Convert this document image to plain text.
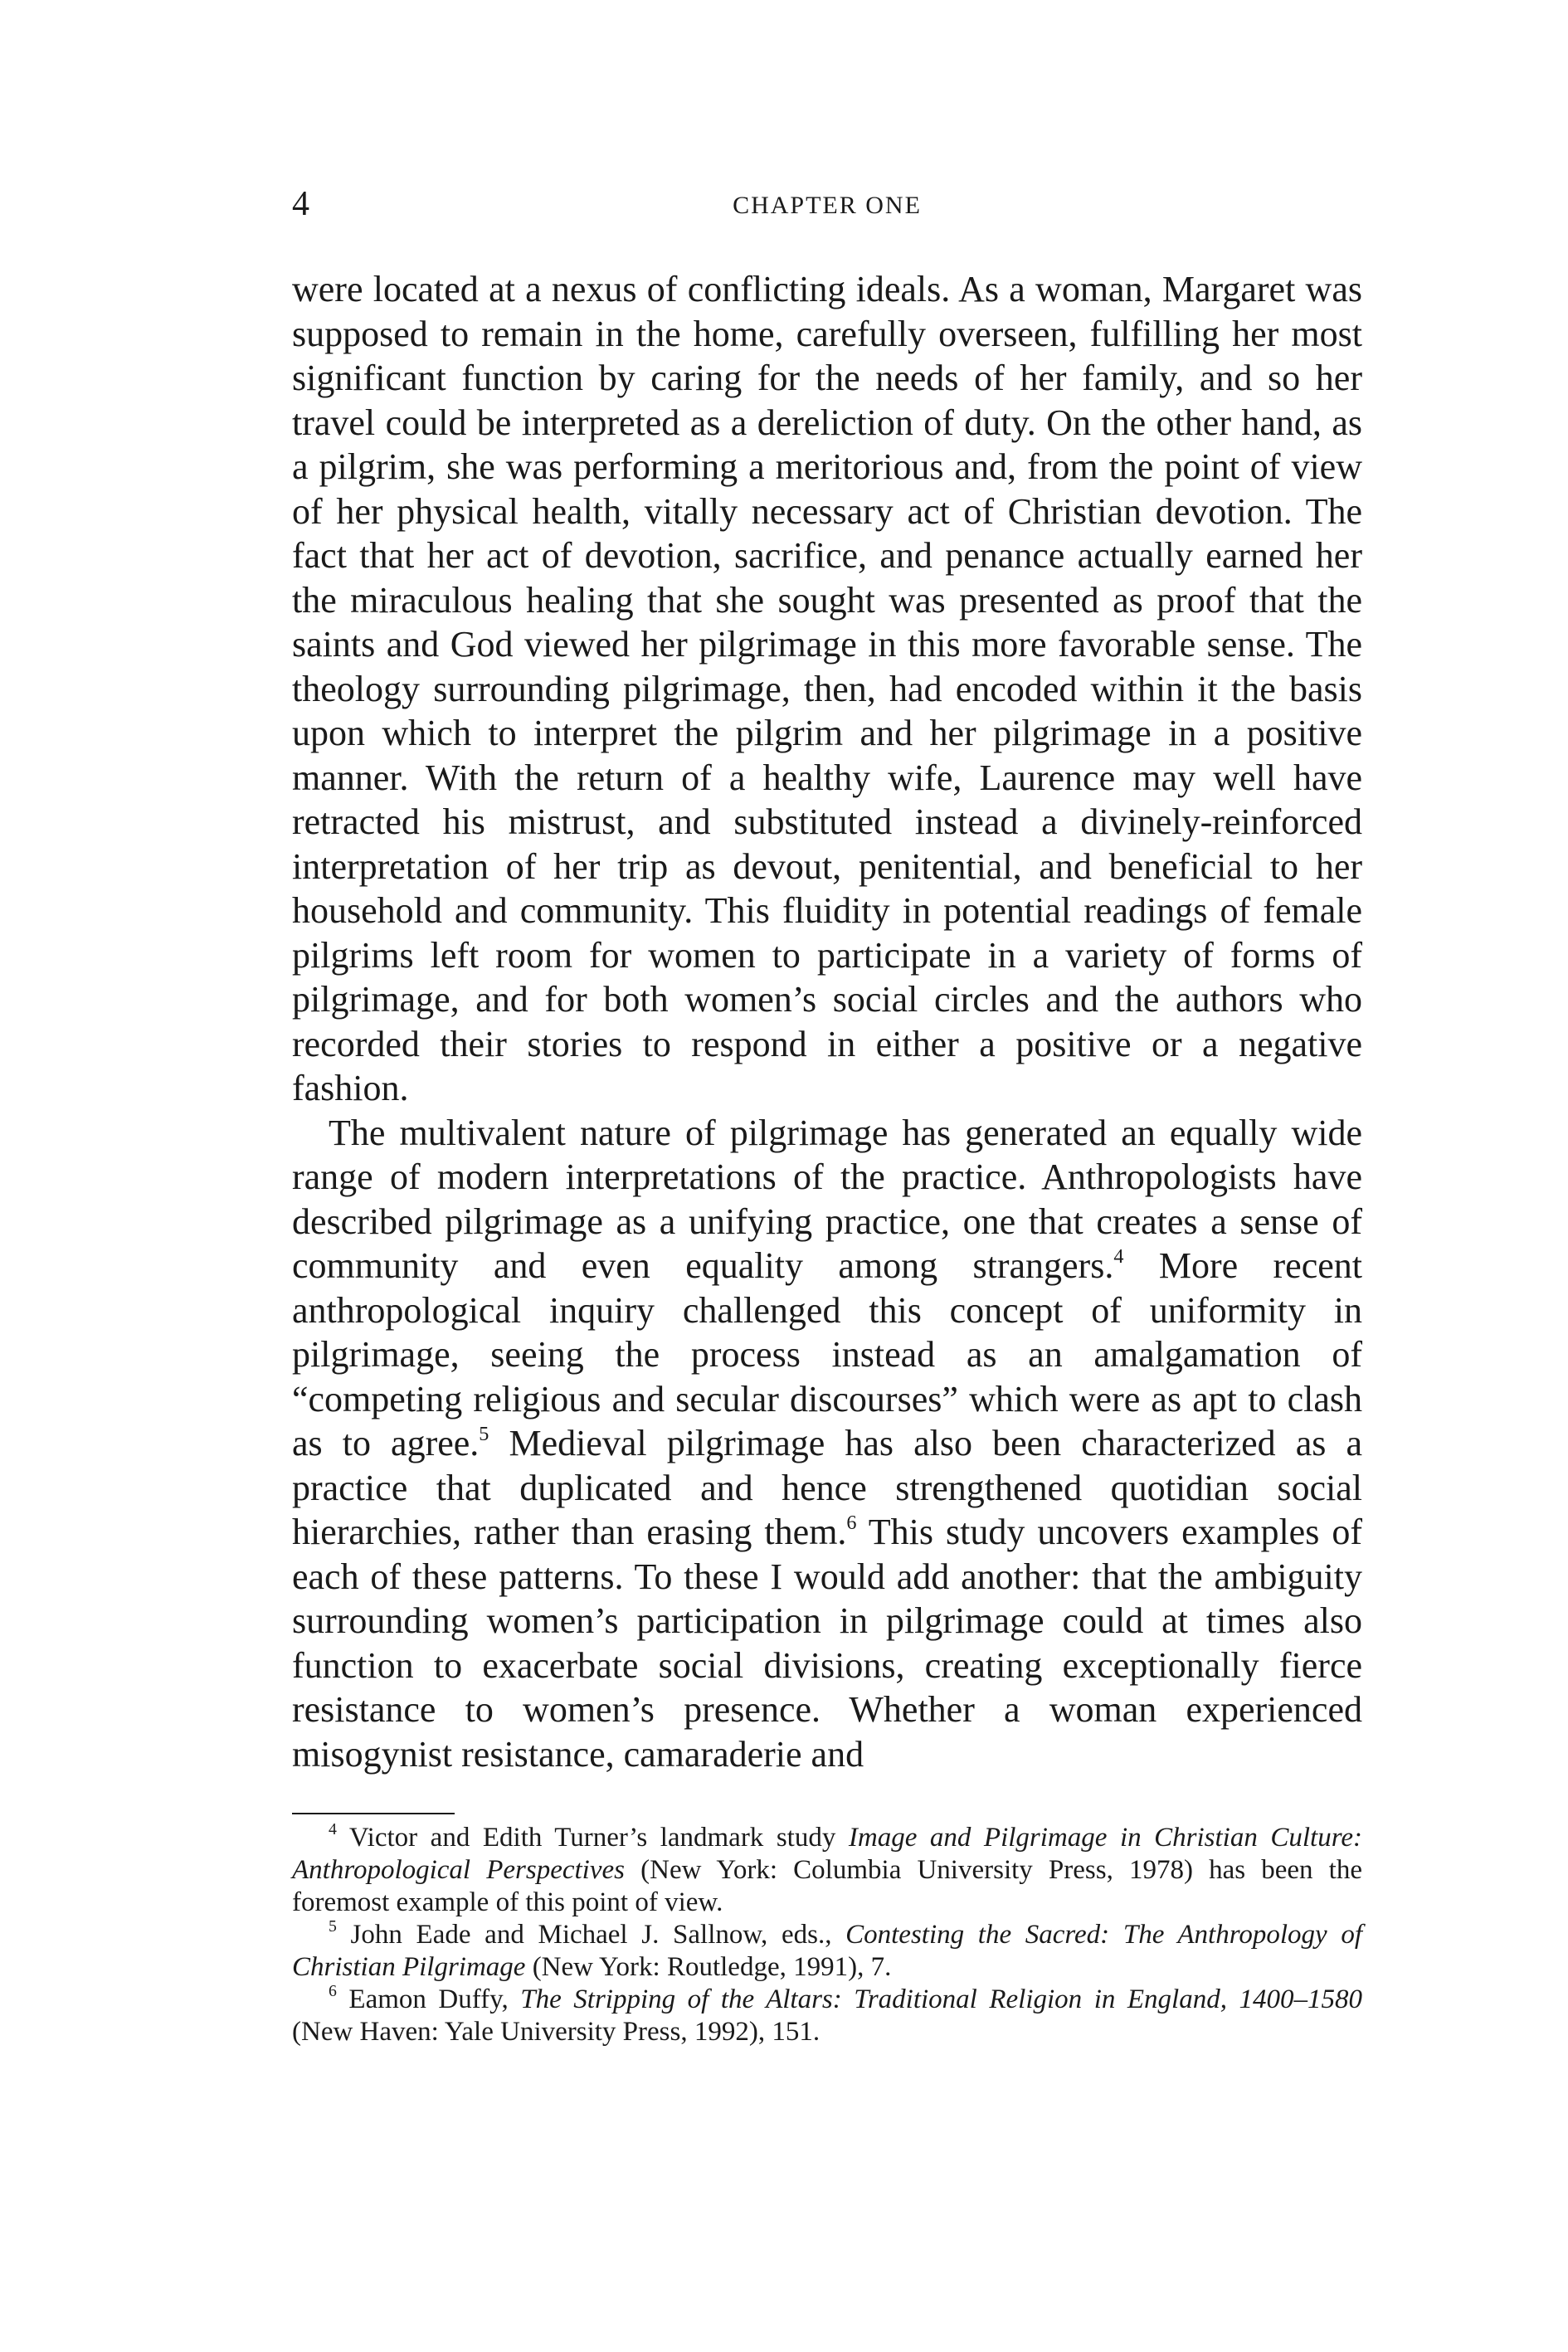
4	CHAPTER ONE

were located at a nexus of conflicting ideals. As a woman, Margaret was supposed to remain in the home, carefully overseen, fulfilling her most significant function by caring for the needs of her family, and so her travel could be interpreted as a dereliction of duty. On the other hand, as a pilgrim, she was performing a meritorious and, from the point of view of her physical health, vitally necessary act of Christian devotion. The fact that her act of devotion, sacrifice, and penance actually earned her the miraculous healing that she sought was presented as proof that the saints and God viewed her pilgrimage in this more favorable sense. The theology surrounding pilgrimage, then, had encoded within it the basis upon which to interpret the pilgrim and her pilgrimage in a positive manner. With the return of a healthy wife, Laurence may well have retracted his mistrust, and substituted instead a divinely-reinforced interpretation of her trip as devout, penitential, and beneficial to her household and community. This fluidity in potential readings of female pilgrims left room for women to participate in a variety of forms of pilgrimage, and for both women’s social circles and the authors who recorded their stories to respond in either a positive or a negative fashion.

The multivalent nature of pilgrimage has generated an equally wide range of modern interpretations of the practice. Anthropologists have described pilgrimage as a unifying practice, one that creates a sense of community and even equality among strangers.$^4$ More recent anthropological inquiry challenged this concept of uniformity in pilgrimage, seeing the process instead as an amalgamation of “competing religious and secular discourses” which were as apt to clash as to agree.$^5$ Medieval pilgrimage has also been characterized as a practice that duplicated and hence strengthened quotidian social hierarchies, rather than erasing them.$^6$ This study uncovers examples of each of these patterns. To these I would add another: that the ambiguity surrounding women’s participation in pilgrimage could at times also function to exacerbate social divisions, creating exceptionally fierce resistance to women’s presence. Whether a woman experienced misogynist resistance, camaraderie and

$^4$ Victor and Edith Turner’s landmark study Image and Pilgrimage in Christian Culture: Anthropological Perspectives (New York: Columbia University Press, 1978) has been the foremost example of this point of view.

$^5$ John Eade and Michael J. Sallnow, eds., Contesting the Sacred: The Anthropology of Christian Pilgrimage (New York: Routledge, 1991), 7.

$^6$ Eamon Duffy, The Stripping of the Altars: Traditional Religion in England, 1400–1580 (New Haven: Yale University Press, 1992), 151.
